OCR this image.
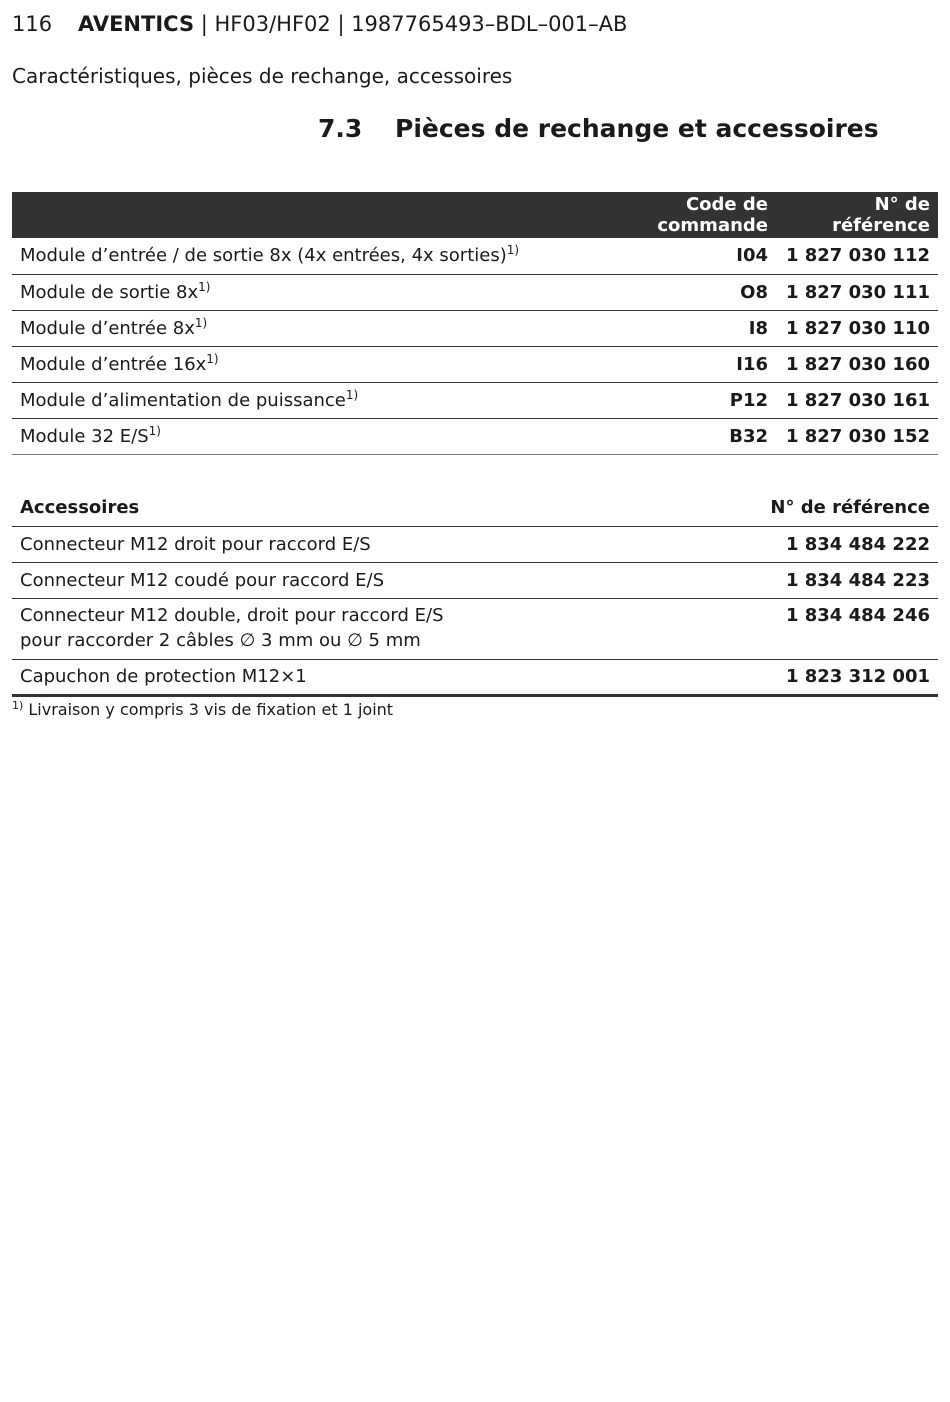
116 AVENTICS | HF03/HF02 | 1987765493–BDL–001–AB
Caractéristiques, pièces de rechange, accessoires
7.3 Pièces de rechange et accessoires
	Code de commande	N° de référence
Module d’entrée / de sortie 8x (4x entrées, 4x sorties)$^{1)}$	I04	1 827 030 112
Module de sortie $8x^{1)}$	O8	1 827 030 111
Module d’entrée $8x^{1)}$	I8	1 827 030 110
Module d’entrée $16x^{1)}$	I16	1 827 030 160
Module d’alimentation de puissance$^{1)}$	P12	1 827 030 161
Module 32 $E/S^{1)}$	B32	1 827 030 152
Accessoires	N° de référence
Connecteur M12 droit pour raccord E/S	1 834 484 222
Connecteur M12 coudé pour raccord E/S	1 834 484 223
Connecteur M12 double, droit pour raccord E/S
pour raccorder 2 câbles ∅ 3 mm ou ∅ 5 mm	1 834 484 246
Capuchon de protection M12×1	1 823 312 001
$^{1)}$ Livraison y compris 3 vis de fixation et 1 joint
